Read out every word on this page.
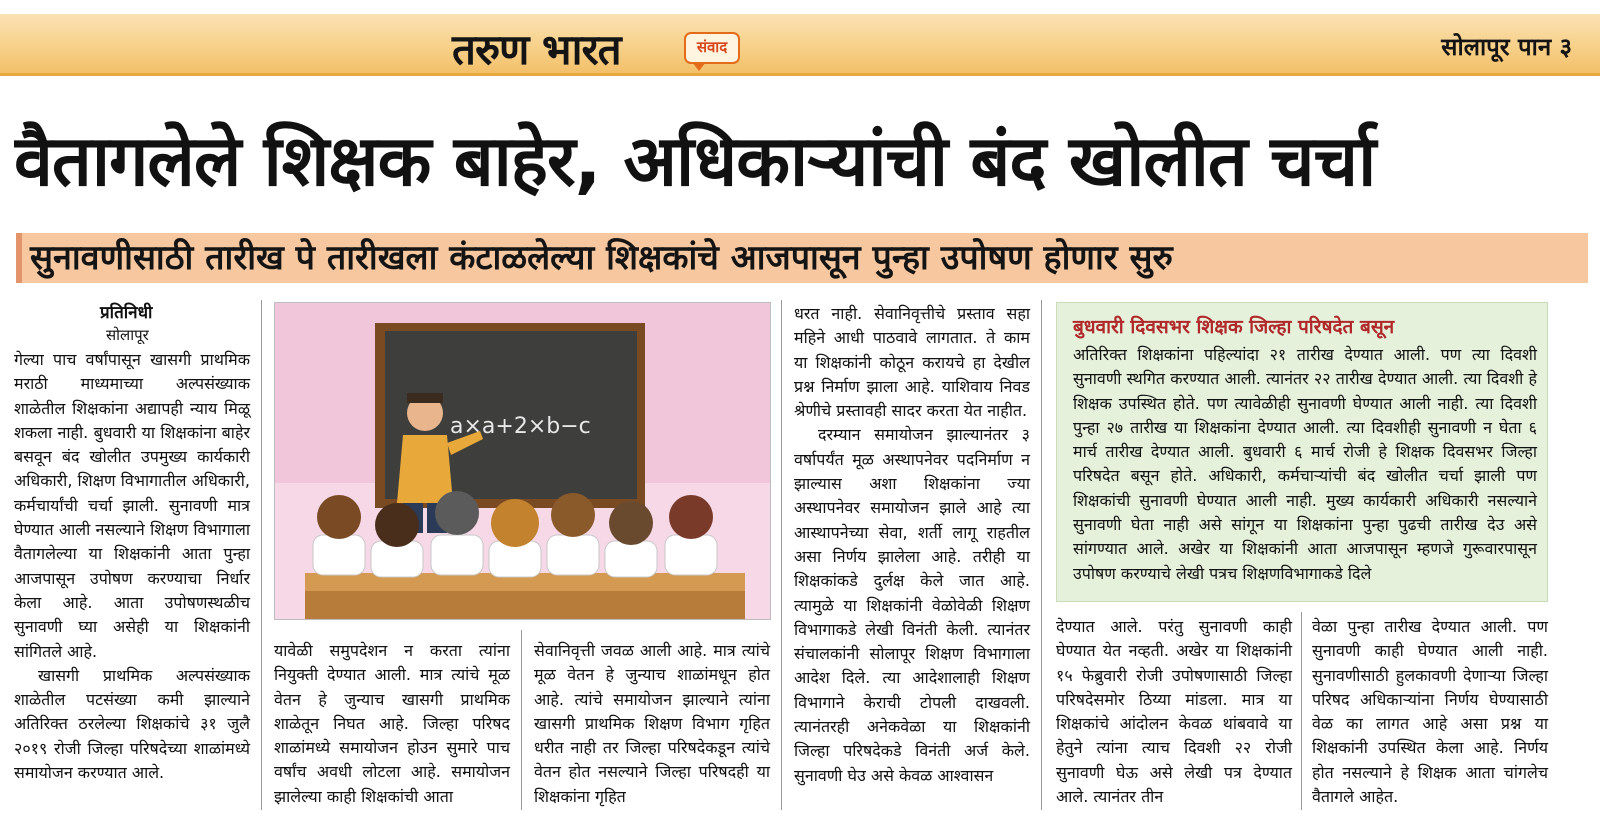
तरुण भारत	संवाद	सोलापूर पान ३
वैतागलेले शिक्षक बाहेर, अधिकाऱ्यांची बंद खोलीत चर्चा
सुनावणीसाठी तारीख पे तारीखला कंटाळलेल्या शिक्षकांचे आजपासून पुन्हा उपोषण होणार सुरु
प्रतिनिधी
सोलापूर

गेल्या पाच वर्षांपासून खासगी प्राथमिक मराठी माध्यमाच्या अल्पसंख्याक शाळेतील शिक्षकांना अद्यापही न्याय मिळू शकला नाही. बुधवारी या शिक्षकांना बाहेर बसवून बंद खोलीत उपमुख्य कार्यकारी अधिकारी, शिक्षण विभागातील अधिकारी, कर्मचार्यांची चर्चा झाली. सुनावणी मात्र घेण्यात आली नसल्याने शिक्षण विभागाला वैतागलेल्या या शिक्षकांनी आता पुन्हा आजपासून उपोषण करण्याचा निर्धार केला आहे. आता उपोषणस्थळीच सुनावणी घ्या असेही या शिक्षकांनी सांगितले आहे.

खासगी प्राथमिक अल्पसंख्याक शाळेतील पटसंख्या कमी झाल्याने अतिरिक्त ठरलेल्या शिक्षकांचे ३१ जुलै २०१९ रोजी जिल्हा परिषदेच्या शाळांमध्ये समायोजन करण्यात आले.

a×a+2×b−c

यावेळी समुपदेशन न करता त्यांना नियुक्ती देण्यात आली. मात्र त्यांचे मूळ वेतन हे जुन्याच खासगी प्राथमिक शाळेतून निघत आहे. जिल्हा परिषद शाळांमध्ये समायोजन होउन सुमारे पाच वर्षांच अवधी लोटला आहे. समायोजन झालेल्या काही शिक्षकांची आता

सेवानिवृत्ती जवळ आली आहे. मात्र त्यांचे मूळ वेतन हे जुन्याच शाळांमधून होत आहे. त्यांचे समायोजन झाल्याने त्यांना खासगी प्राथमिक शिक्षण विभाग गृहित धरीत नाही तर जिल्हा परिषदेकडून त्यांचे वेतन होत नसल्याने जिल्हा परिषदही या शिक्षकांना गृहित

धरत नाही. सेवानिवृत्तीचे प्रस्ताव सहा महिने आधी पाठवावे लागतात. ते काम या शिक्षकांनी कोठून करायचे हा देखील प्रश्न निर्माण झाला आहे. याशिवाय निवड श्रेणीचे प्रस्तावही सादर करता येत नाहीत.

दरम्यान समायोजन झाल्यानंतर ३ वर्षापर्यंत मूळ अस्थापनेवर पदनिर्माण न झाल्यास अशा शिक्षकांना ज्या अस्थापनेवर समायोजन झाले आहे त्या आस्थापनेच्या सेवा, शर्ती लागू राहतील असा निर्णय झालेला आहे. तरीही या शिक्षकांकडे दुर्लक्ष केले जात आहे. त्यामुळे या शिक्षकांनी वेळोवेळी शिक्षण विभागाकडे लेखी विनंती केली. त्यानंतर संचालकांनी सोलापूर शिक्षण विभागाला आदेश दिले. त्या आदेशालाही शिक्षण विभागाने केराची टोपली दाखवली. त्यानंतरही अनेकवेळा या शिक्षकांनी जिल्हा परिषदेकडे विनंती अर्ज केले. सुनावणी घेउ असे केवळ आश्वासन

बुधवारी दिवसभर शिक्षक जिल्हा परिषदेत बसून
अतिरिक्त शिक्षकांना पहिल्यांदा २१ तारीख देण्यात आली. पण त्या दिवशी सुनावणी स्थगित करण्यात आली. त्यानंतर २२ तारीख देण्यात आली. त्या दिवशी हे शिक्षक उपस्थित होते. पण त्यावेळीही सुनावणी घेण्यात आली नाही. त्या दिवशी पुन्हा २७ तारीख या शिक्षकांना देण्यात आली. त्या दिवशीही सुनावणी न घेता ६ मार्च तारीख देण्यात आली. बुधवारी ६ मार्च रोजी हे शिक्षक दिवसभर जिल्हा परिषदेत बसून होते. अधिकारी, कर्मचाऱ्यांची बंद खोलीत चर्चा झाली पण शिक्षकांची सुनावणी घेण्यात आली नाही. मुख्य कार्यकारी अधिकारी नसल्याने सुनावणी घेता नाही असे सांगून या शिक्षकांना पुन्हा पुढची तारीख देउ असे सांगण्यात आले. अखेर या शिक्षकांनी आता आजपासून म्हणजे गुरूवारपासून उपोषण करण्याचे लेखी पत्रच शिक्षणविभागाकडे दिले

देण्यात आले. परंतु सुनावणी काही घेण्यात येत नव्हती. अखेर या शिक्षकांनी १५ फेब्रुवारी रोजी उपोषणासाठी जिल्हा परिषदेसमोर ठिय्या मांडला. मात्र या शिक्षकांचे आंदोलन केवळ थांबवावे या हेतुने त्यांना त्याच दिवशी २२ रोजी सुनावणी घेऊ असे लेखी पत्र देण्यात आले. त्यानंतर तीन

वेळा पुन्हा तारीख देण्यात आली. पण सुनावणी काही घेण्यात आली नाही. सुनावणीसाठी हुलकावणी देणाऱ्या जिल्हा परिषद अधिकाऱ्यांना निर्णय घेण्यासाठी वेळ का लागत आहे असा प्रश्न या शिक्षकांनी उपस्थित केला आहे. निर्णय होत नसल्याने हे शिक्षक आता चांगलेच वैतागले आहेत.
